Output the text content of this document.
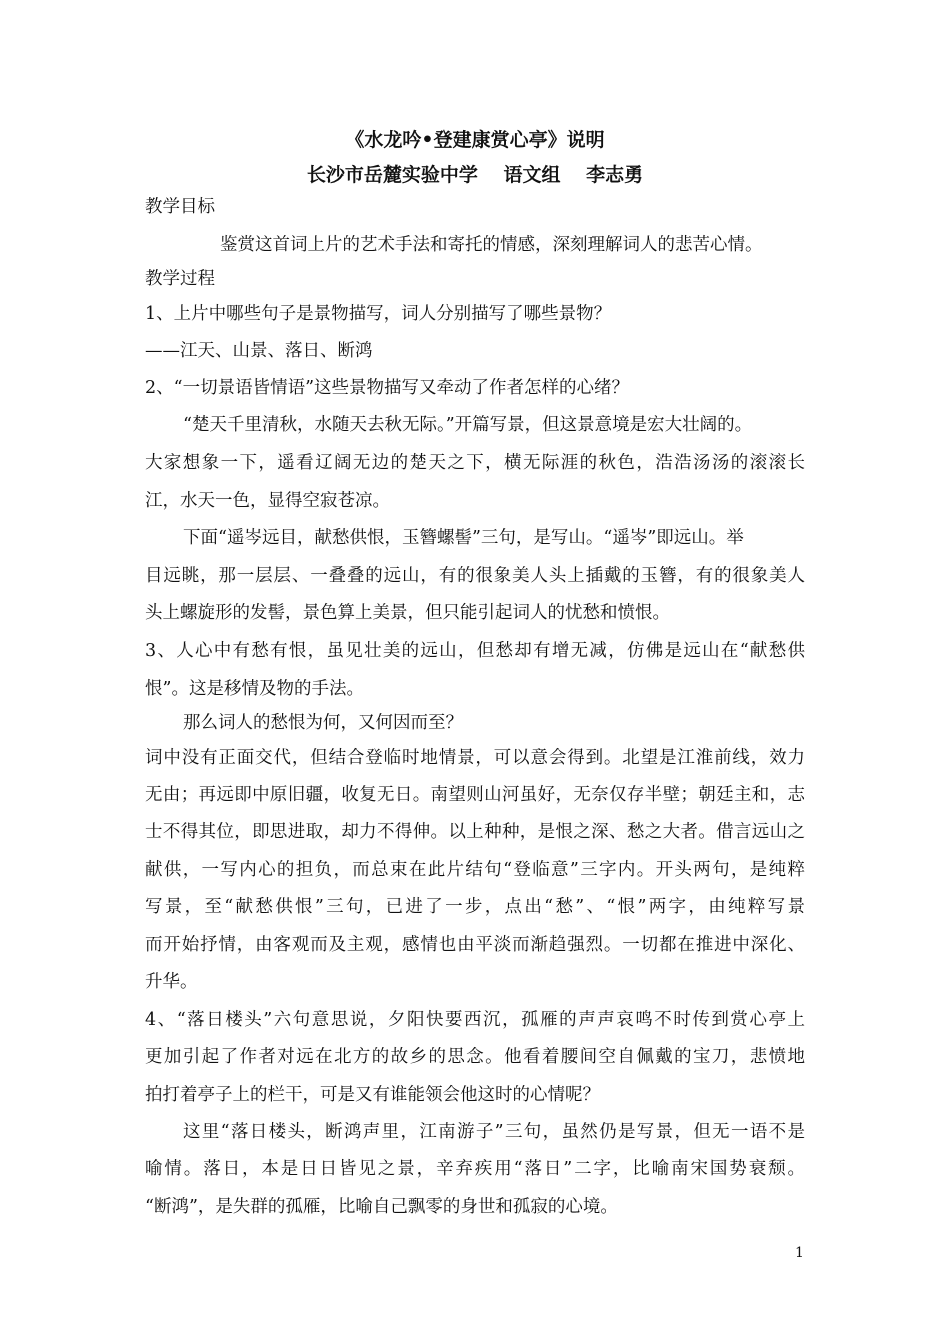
《水龙吟•登建康赏心亭》说明
长沙市岳麓实验中学　 语文组　 李志勇
教学目标
鉴赏这首词上片的艺术手法和寄托的情感，深刻理解词人的悲苦心情。
教学过程
1、上片中哪些句子是景物描写，词人分别描写了哪些景物？
——江天、山景、落日、断鸿
2、“一切景语皆情语”这些景物描写又牵动了作者怎样的心绪？
“楚天千里清秋，水随天去秋无际。”开篇写景，但这景意境是宏大壮阔的。
大家想象一下，遥看辽阔无边的楚天之下，横无际涯的秋色，浩浩汤汤的滚滚长
江，水天一色，显得空寂苍凉。
下面“遥岑远目，献愁供恨，玉簪螺髻”三句，是写山。“遥岑”即远山。举
目远眺，那一层层、一叠叠的远山，有的很象美人头上插戴的玉簪，有的很象美人
头上螺旋形的发髻，景色算上美景，但只能引起词人的忧愁和愤恨。
3、人心中有愁有恨，虽见壮美的远山，但愁却有增无减，仿佛是远山在“献愁供
恨”。这是移情及物的手法。
那么词人的愁恨为何，又何因而至？
词中没有正面交代，但结合登临时地情景，可以意会得到。北望是江淮前线，效力
无由；再远即中原旧疆，收复无日。南望则山河虽好，无奈仅存半壁；朝廷主和，志
士不得其位，即思进取，却力不得伸。以上种种，是恨之深、愁之大者。借言远山之
献供，一写内心的担负，而总束在此片结句“登临意”三字内。开头两句，是纯粹
写景，至“献愁供恨”三句，已进了一步，点出“愁”、“恨”两字，由纯粹写景
而开始抒情，由客观而及主观，感情也由平淡而渐趋强烈。一切都在推进中深化、
升华。
4、“落日楼头”六句意思说，夕阳快要西沉，孤雁的声声哀鸣不时传到赏心亭上
更加引起了作者对远在北方的故乡的思念。他看着腰间空自佩戴的宝刀，悲愤地
拍打着亭子上的栏干，可是又有谁能领会他这时的心情呢？
这里“落日楼头，断鸿声里，江南游子”三句，虽然仍是写景，但无一语不是
喻情。落日，本是日日皆见之景，辛弃疾用“落日”二字，比喻南宋国势衰颓。
“断鸿”，是失群的孤雁，比喻自己飘零的身世和孤寂的心境。
1
